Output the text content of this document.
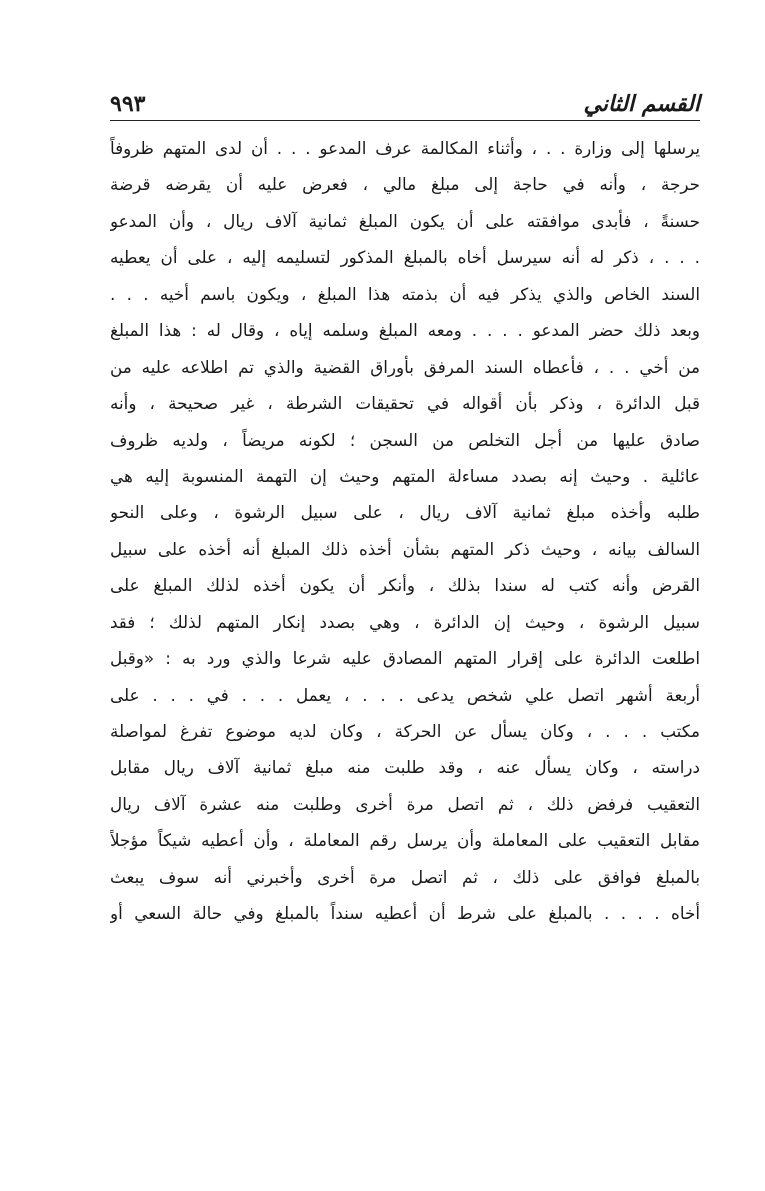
القسم الثاني
٩٩٣
يرسلها إلى وزارة . . ، وأثناء المكالمة عرف المدعو . . . أن لدى المتهم ظروفاً
حرجة ، وأنه في حاجة إلى مبلغ مالي ، فعرض عليه أن يقرضه قرضة
حسنةً ، فأبدى موافقته على أن يكون المبلغ ثمانية آلاف ريال ، وأن المدعو
. . . ، ذكر له أنه سيرسل أخاه بالمبلغ المذكور لتسليمه إليه ، على أن يعطيه
السند الخاص والذي يذكر فيه أن بذمته هذا المبلغ ، ويكون باسم أخيه . . .
وبعد ذلك حضر المدعو . . . . ومعه المبلغ وسلمه إياه ، وقال له : هذا المبلغ
من أخي . . ، فأعطاه السند المرفق بأوراق القضية والذي تم اطلاعه عليه من
قبل الدائرة ، وذكر بأن أقواله في تحقيقات الشرطة ، غير صحيحة ، وأنه
صادق عليها من أجل التخلص من السجن ؛ لكونه مريضاً ، ولديه ظروف
عائلية . وحيث إنه بصدد مساءلة المتهم وحيث إن التهمة المنسوبة إليه هي
طلبه وأخذه مبلغ ثمانية آلاف ريال ، على سبيل الرشوة ، وعلى النحو
السالف بيانه ، وحيث ذكر المتهم بشأن أخذه ذلك المبلغ أنه أخذه على سبيل
القرض وأنه كتب له سندا بذلك ، وأنكر أن يكون أخذه لذلك المبلغ على
سبيل الرشوة ، وحيث إن الدائرة ، وهي بصدد إنكار المتهم لذلك ؛ فقد
اطلعت الدائرة على إقرار المتهم المصادق عليه شرعا والذي ورد به : «وقبل
أربعة أشهر اتصل علي شخص يدعى . . . ، يعمل . . . في . . . على
مكتب . . . ، وكان يسأل عن الحركة ، وكان لديه موضوع تفرغ لمواصلة
دراسته ، وكان يسأل عنه ، وقد طلبت منه مبلغ ثمانية آلاف ريال مقابل
التعقيب فرفض ذلك ، ثم اتصل مرة أخرى وطلبت منه عشرة آلاف ريال
مقابل التعقيب على المعاملة وأن يرسل رقم المعاملة ، وأن أعطيه شيكاً مؤجلاً
بالمبلغ فوافق على ذلك ، ثم اتصل مرة أخرى وأخبرني أنه سوف يبعث
أخاه . . . . بالمبلغ على شرط أن أعطيه سنداً بالمبلغ وفي حالة السعي أو
